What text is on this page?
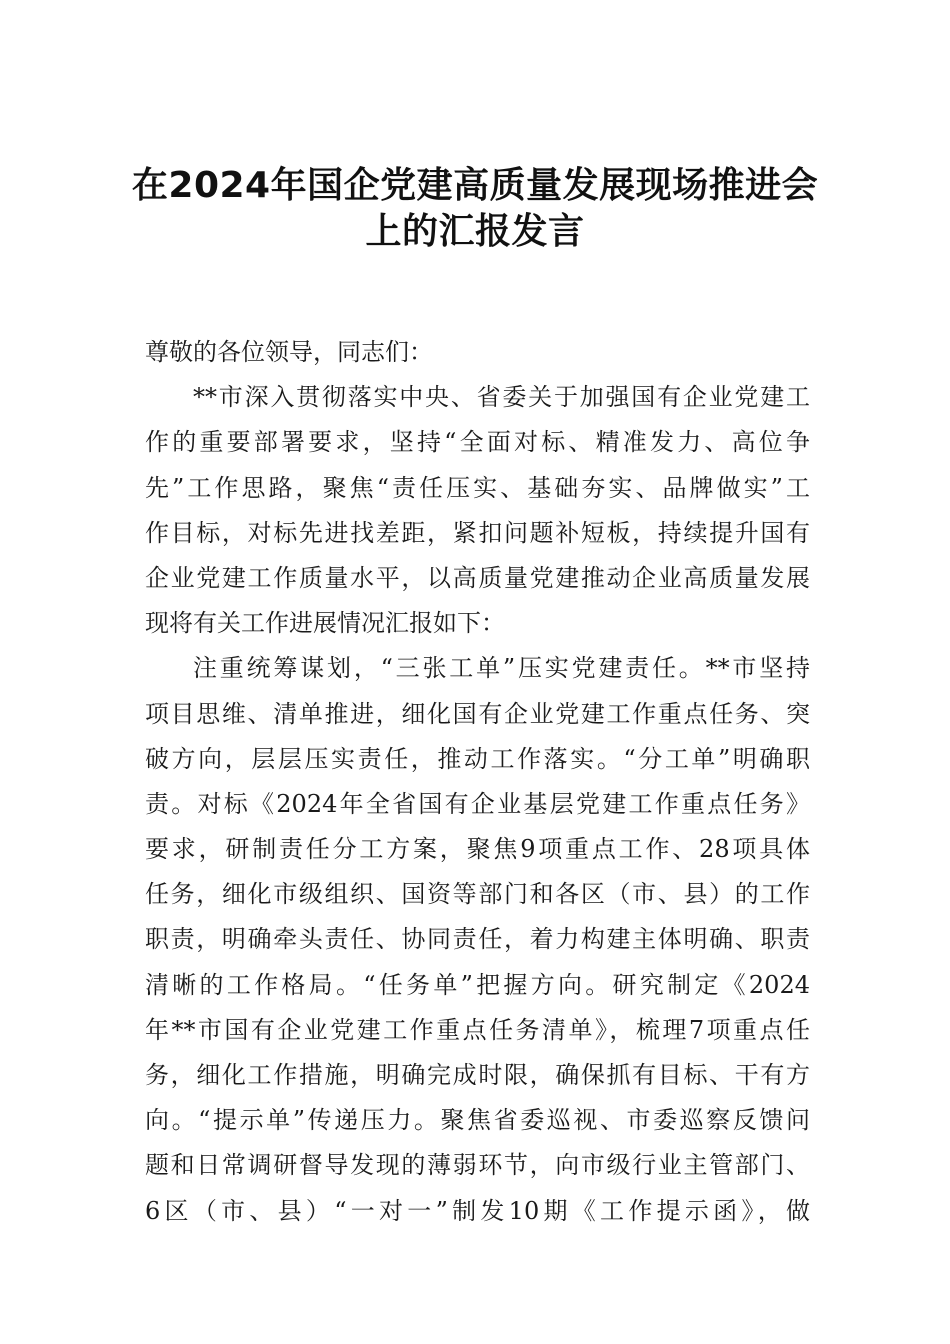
在2024年国企党建高质量发展现场推进会
上的汇报发言
尊敬的各位领导，同志们：
**市深入贯彻落实中央、省委关于加强国有企业党建工
作的重要部署要求，坚持“全面对标、精准发力、高位争
先”工作思路，聚焦“责任压实、基础夯实、品牌做实”工
作目标，对标先进找差距，紧扣问题补短板，持续提升国有
企业党建工作质量水平，以高质量党建推动企业高质量发展
现将有关工作进展情况汇报如下：
注重统筹谋划，“三张工单”压实党建责任。**市坚持
项目思维、清单推进，细化国有企业党建工作重点任务、突
破方向，层层压实责任，推动工作落实。“分工单”明确职
责。对标《2024年全省国有企业基层党建工作重点任务》
要求，研制责任分工方案，聚焦9项重点工作、28项具体
任务，细化市级组织、国资等部门和各区（市、县）的工作
职责，明确牵头责任、协同责任，着力构建主体明确、职责
清晰的工作格局。“任务单”把握方向。研究制定《2024
年**市国有企业党建工作重点任务清单》，梳理7项重点任
务，细化工作措施，明确完成时限，确保抓有目标、干有方
向。“提示单”传递压力。聚焦省委巡视、市委巡察反馈问
题和日常调研督导发现的薄弱环节，向市级行业主管部门、
6区（市、县）“一对一”制发10期《工作提示函》，做
